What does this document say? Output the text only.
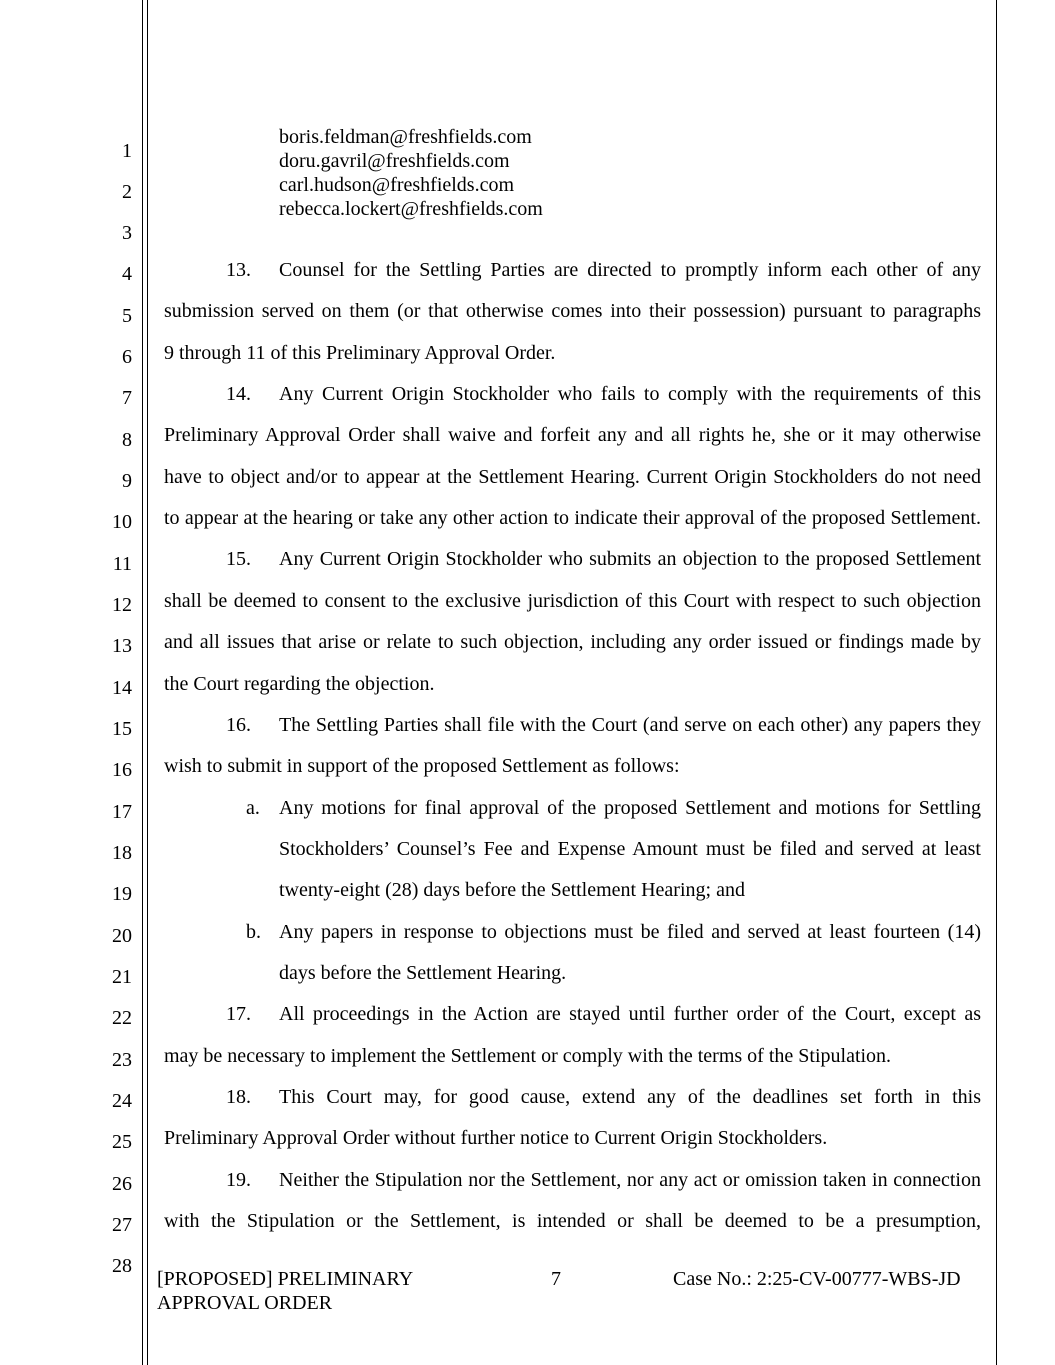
1
2
3
4
5
6
7
8
9
10
11
12
13
14
15
16
17
18
19
20
21
22
23
24
25
26
27
28
boris.feldman@freshfields.com
doru.gavril@freshfields.com
carl.hudson@freshfields.com
rebecca.lockert@freshfields.com
13. Counsel for the Settling Parties are directed to promptly inform each other of any
submission served on them (or that otherwise comes into their possession) pursuant to paragraphs
9 through 11 of this Preliminary Approval Order.
14. Any Current Origin Stockholder who fails to comply with the requirements of this
Preliminary Approval Order shall waive and forfeit any and all rights he, she or it may otherwise
have to object and/or to appear at the Settlement Hearing. Current Origin Stockholders do not need
to appear at the hearing or take any other action to indicate their approval of the proposed Settlement.
15. Any Current Origin Stockholder who submits an objection to the proposed Settlement
shall be deemed to consent to the exclusive jurisdiction of this Court with respect to such objection
and all issues that arise or relate to such objection, including any order issued or findings made by
the Court regarding the objection.
16. The Settling Parties shall file with the Court (and serve on each other) any papers they
wish to submit in support of the proposed Settlement as follows:
a. Any motions for final approval of the proposed Settlement and motions for Settling
Stockholders’ Counsel’s Fee and Expense Amount must be filed and served at least
twenty-eight (28) days before the Settlement Hearing; and
b. Any papers in response to objections must be filed and served at least fourteen (14)
days before the Settlement Hearing.
17. All proceedings in the Action are stayed until further order of the Court, except as
may be necessary to implement the Settlement or comply with the terms of the Stipulation.
18. This Court may, for good cause, extend any of the deadlines set forth in this
Preliminary Approval Order without further notice to Current Origin Stockholders.
19. Neither the Stipulation nor the Settlement, nor any act or omission taken in connection
with the Stipulation or the Settlement, is intended or shall be deemed to be a presumption,
[PROPOSED] PRELIMINARY
APPROVAL ORDER
7	Case No.: 2:25-CV-00777-WBS-JD
